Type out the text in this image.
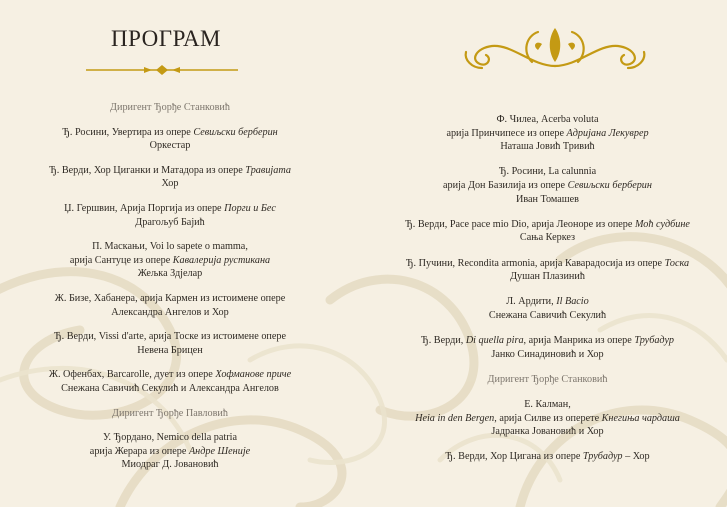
ПРОГРАМ
Диригент Ђорђе Станковић
Ђ. Росини, Увертира из опере Севиљски берберин
Оркестар
Ђ. Верди, Хор Циганки и Матадора из опере Травијата
Хор
Џ. Гершвин, Арија Поргија из опере Порги и Бес
Драгољуб Бајић
П. Маскањи, Voi lo sapete o mamma,
арија Сантуце из опере Кавалерија рустикана
Жељка Здјелар
Ж. Бизе, Хабанера, арија Кармен из истоимене опере
Александра Ангелов и Хор
Ђ. Верди, Vissi d'arte, арија Тоске из истоимене опере
Невена Брицен
Ж. Офенбах, Barcarolle, дует из опере Хофманове приче
Снежана Савичић Секулић и Александра Ангелов
Диригент Ђорђе Павловић
У. Ђордано, Nemico della patria
арија Жерара из опере Андре Шеније
Миодраг Д. Јовановић
Ф. Чилеа, Acerba voluta
арија Принчипесе из опере Адријана Лекуврер
Наташа Јовић Тривић
Ђ. Росини, La calunnia
арија Дон Базилија из опере Севиљски берберин
Иван Томашев
Ђ. Верди, Pace pace mio Dio, арија Леоноре из опере Моћ судбине
Сања Керкез
Ђ. Пучини, Recondita armonia, арија Каварадосија из опере Тоска
Душан Плазинић
Л. Ардити, Il Bacio
Снежана Савичић Секулић
Ђ. Верди, Di quella pira, арија Манрика из опере Трубадур
Јанко Синадиновић и Хор
Диригент Ђорђе Станковић
Е. Калман,
Heia in den Bergen, арија Силве из оперете Кнегиња чардаша
Јадранка Јовановић и Хор
Ђ. Верди, Хор Цигана из опере Трубадур – Хор
